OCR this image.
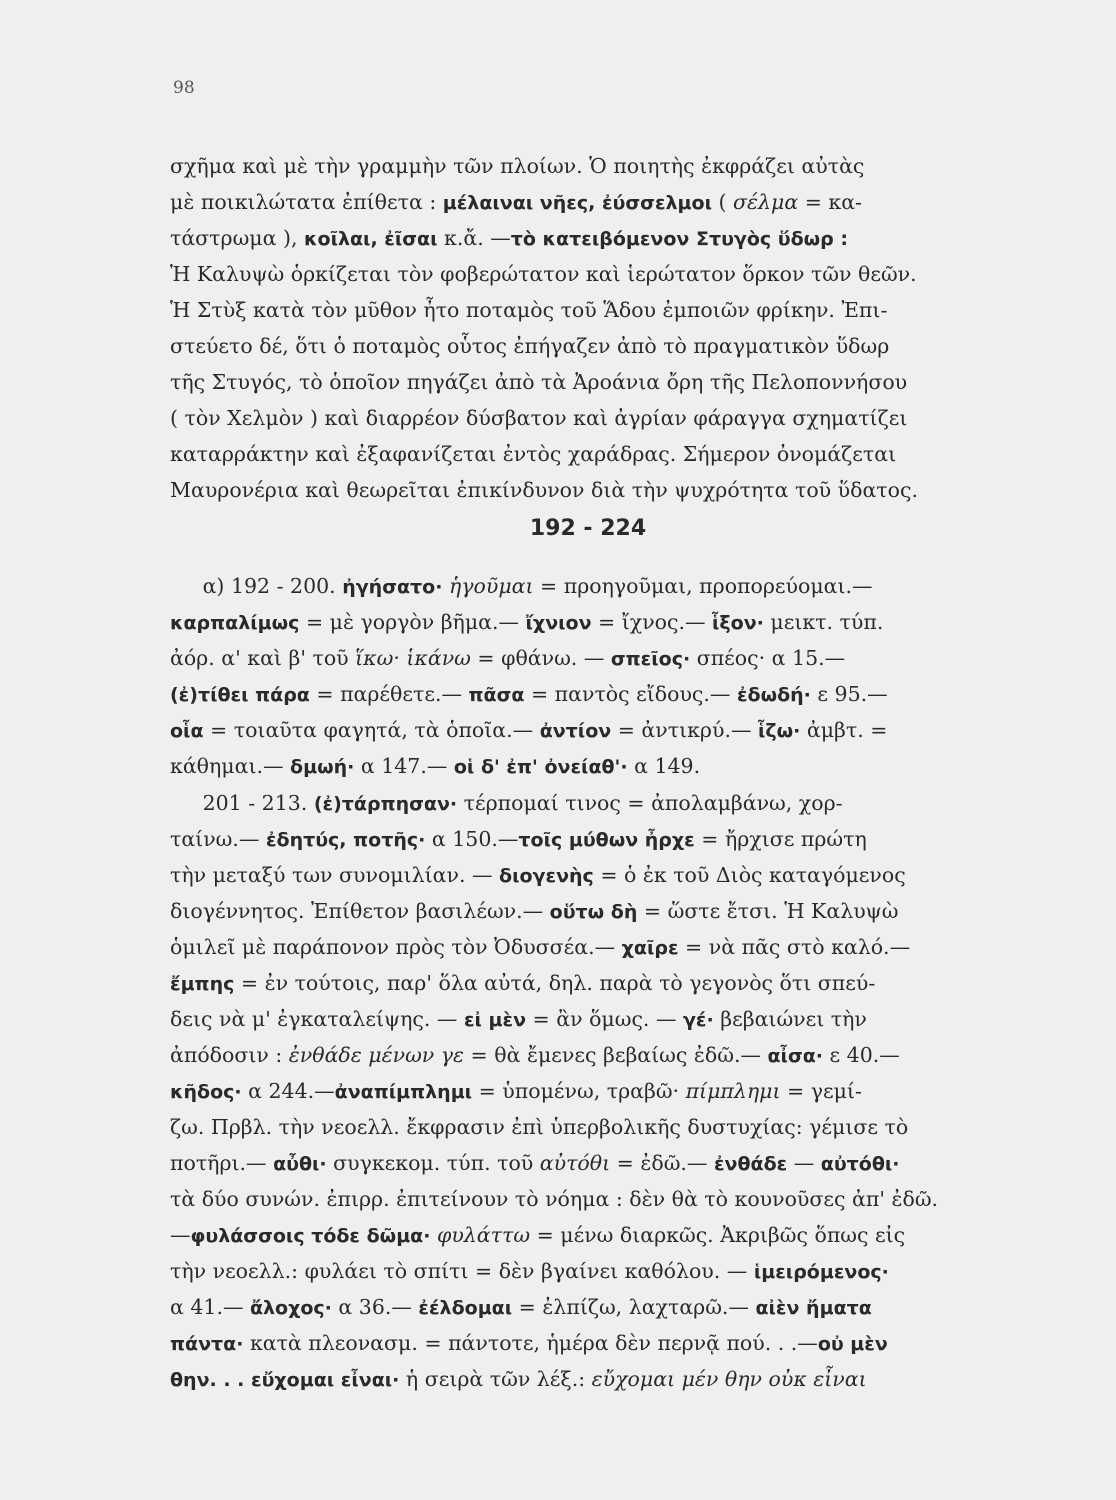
98
σχῆμα καὶ μὲ τὴν γραμμὴν τῶν πλοίων. Ὁ ποιητὴς ἐκφράζει αὐτὰς
μὲ ποικιλώτατα ἐπίθετα : μέλαιναι νῆες, ἐύσσελμοι ( σέλμα = κα-
τάστρωμα ), κοῖλαι, ἐῖσαι κ.ἄ. —τὸ κατειβόμενον Στυγὸς ὕδωρ :
Ἡ Καλυψὼ ὁρκίζεται τὸν φοβερώτατον καὶ ἱερώτατον ὅρκον τῶν θεῶν.
Ἡ Στὺξ κατὰ τὸν μῦθον ἦτο ποταμὸς τοῦ Ἅδου ἐμποιῶν φρίκην. Ἐπι-
στεύετο δέ, ὅτι ὁ ποταμὸς οὗτος ἐπήγαζεν ἀπὸ τὸ πραγματικὸν ὕδωρ
τῆς Στυγός, τὸ ὁποῖον πηγάζει ἀπὸ τὰ Ἀροάνια ὄρη τῆς Πελοποννήσου
( τὸν Χελμὸν ) καὶ διαρρέον δύσβατον καὶ ἀγρίαν φάραγγα σχηματίζει
καταρράκτην καὶ ἐξαφανίζεται ἐντὸς χαράδρας. Σήμερον ὀνομάζεται
Μαυρονέρια καὶ θεωρεῖται ἐπικίνδυνον διὰ τὴν ψυχρότητα τοῦ ὕδατος.
192 - 224
α) 192 - 200. ἠγήσατο· ἡγοῦμαι = προηγοῦμαι, προπορεύομαι.—
καρπαλίμως = μὲ γοργὸν βῆμα.— ἴχνιον = ἴχνος.— ἷξον· μεικτ. τύπ.
ἀόρ. α' καὶ β' τοῦ ἵκω· ἱκάνω = φθάνω. — σπεῖος· σπέος· α 15.—
(ἐ)τίθει πάρα = παρέθετε.— πᾶσα = παντὸς εἴδους.— ἐδωδή· ε 95.—
οἷα = τοιαῦτα φαγητά, τὰ ὁποῖα.— ἀντίον = ἀντικρύ.— ἷζω· ἀμβτ. =
κάθημαι.— δμωή· α 147.— οἱ δ' ἐπ' ὀνείαθ'· α 149.
201 - 213. (ἐ)τάρπησαν· τέρπομαί τινος = ἀπολαμβάνω, χορ-
ταίνω.— ἐδητύς, ποτῆς· α 150.—τοῖς μύθων ἦρχε = ἤρχισε πρώτη
τὴν μεταξύ των συνομιλίαν. — διογενὴς = ὁ ἐκ τοῦ Διὸς καταγόμενος
διογέννητος. Ἐπίθετον βασιλέων.— οὕτω δὴ = ὥστε ἔτσι. Ἡ Καλυψὼ
ὁμιλεῖ μὲ παράπονον πρὸς τὸν Ὀδυσσέα.— χαῖρε = νὰ πᾶς στὸ καλό.—
ἔμπης = ἐν τούτοις, παρ' ὅλα αὐτά, δηλ. παρὰ τὸ γεγονὸς ὅτι σπεύ-
δεις νὰ μ' ἐγκαταλείψης. — εἰ μὲν = ἂν ὅμως. — γέ· βεβαιώνει τὴν
ἀπόδοσιν : ἐνθάδε μένων γε = θὰ ἔμενες βεβαίως ἐδῶ.— αἶσα· ε 40.—
κῆδος· α 244.—ἀναπίμπλημι = ὑπομένω, τραβῶ· πίμπλημι = γεμί-
ζω. Πρβλ. τὴν νεοελλ. ἔκφρασιν ἐπὶ ὑπερβολικῆς δυστυχίας: γέμισε τὸ
ποτῆρι.— αὖθι· συγκεκομ. τύπ. τοῦ αὐτόθι = ἐδῶ.— ἐνθάδε — αὐτόθι·
τὰ δύο συνών. ἐπιρρ. ἐπιτείνουν τὸ νόημα : δὲν θὰ τὸ κουνοῦσες ἀπ' ἐδῶ.
—φυλάσσοις τόδε δῶμα· φυλάττω = μένω διαρκῶς. Ἀκριβῶς ὅπως εἰς
τὴν νεοελλ.: φυλάει τὸ σπίτι = δὲν βγαίνει καθόλου. — ἱμειρόμενος·
α 41.— ἄλοχος· α 36.— ἐέλδομαι = ἐλπίζω, λαχταρῶ.— αἰὲν ἤματα
πάντα· κατὰ πλεονασμ. = πάντοτε, ἡμέρα δὲν περνᾷ πού. . .—οὐ μὲν
θην. . . εὔχομαι εἶναι· ἡ σειρὰ τῶν λέξ.: εὔχομαι μέν θην οὐκ εἶναι
